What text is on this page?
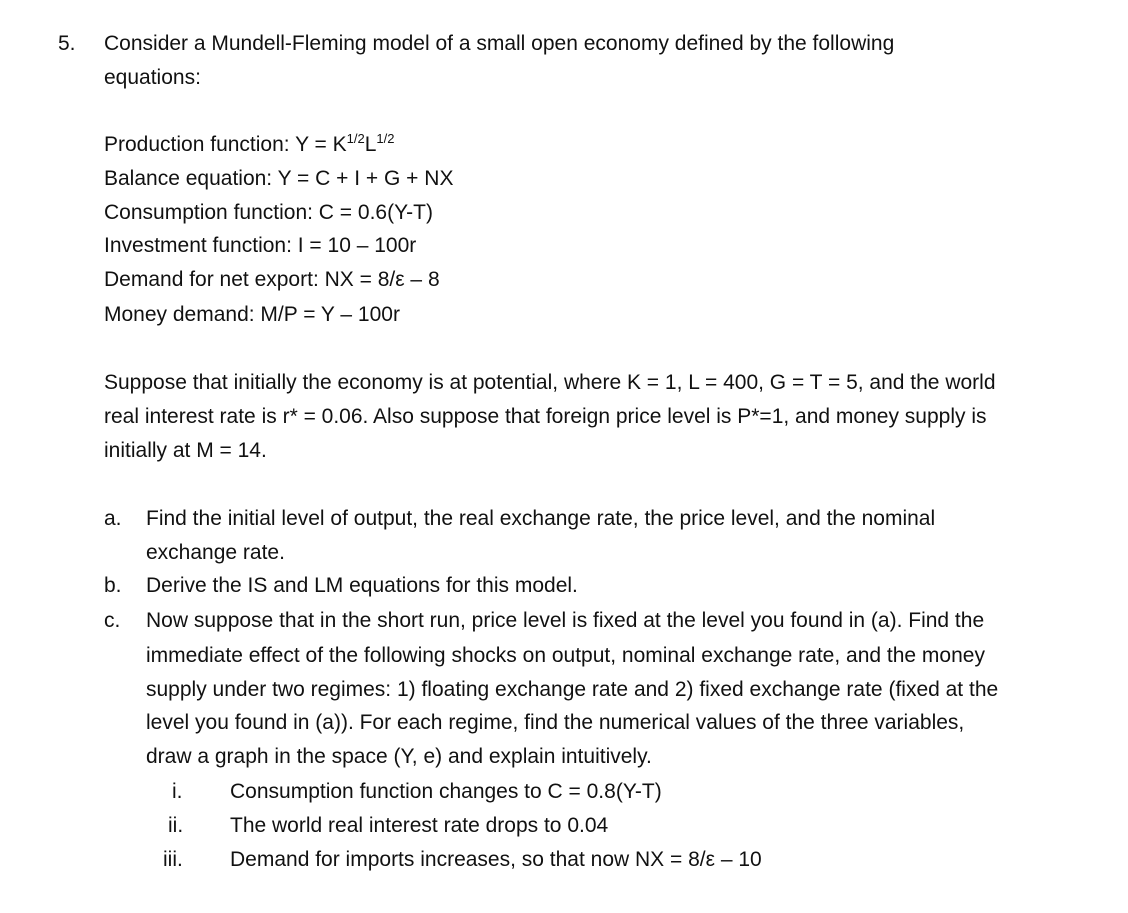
5. Consider a Mundell-Fleming model of a small open economy defined by the following
equations:
Production function: $Y = K^{1/2}L^{1/2}$
Balance equation: Y = C + I + G + NX
Consumption function: C = 0.6(Y-T)
Investment function: I = 10 – 100r
Demand for net export: NX = 8/ε – 8
Money demand: M/P = Y – 100r
Suppose that initially the economy is at potential, where K = 1, L = 400, G = T = 5, and the world
real interest rate is r* = 0.06. Also suppose that foreign price level is P*=1, and money supply is
initially at M = 14.
a. Find the initial level of output, the real exchange rate, the price level, and the nominal
exchange rate.
b. Derive the IS and LM equations for this model.
c. Now suppose that in the short run, price level is fixed at the level you found in (a). Find the
immediate effect of the following shocks on output, nominal exchange rate, and the money
supply under two regimes: 1) floating exchange rate and 2) fixed exchange rate (fixed at the
level you found in (a)). For each regime, find the numerical values of the three variables,
draw a graph in the space (Y, e) and explain intuitively.
i. Consumption function changes to C = 0.8(Y-T)
ii. The world real interest rate drops to 0.04
iii. Demand for imports increases, so that now NX = 8/ε – 10
